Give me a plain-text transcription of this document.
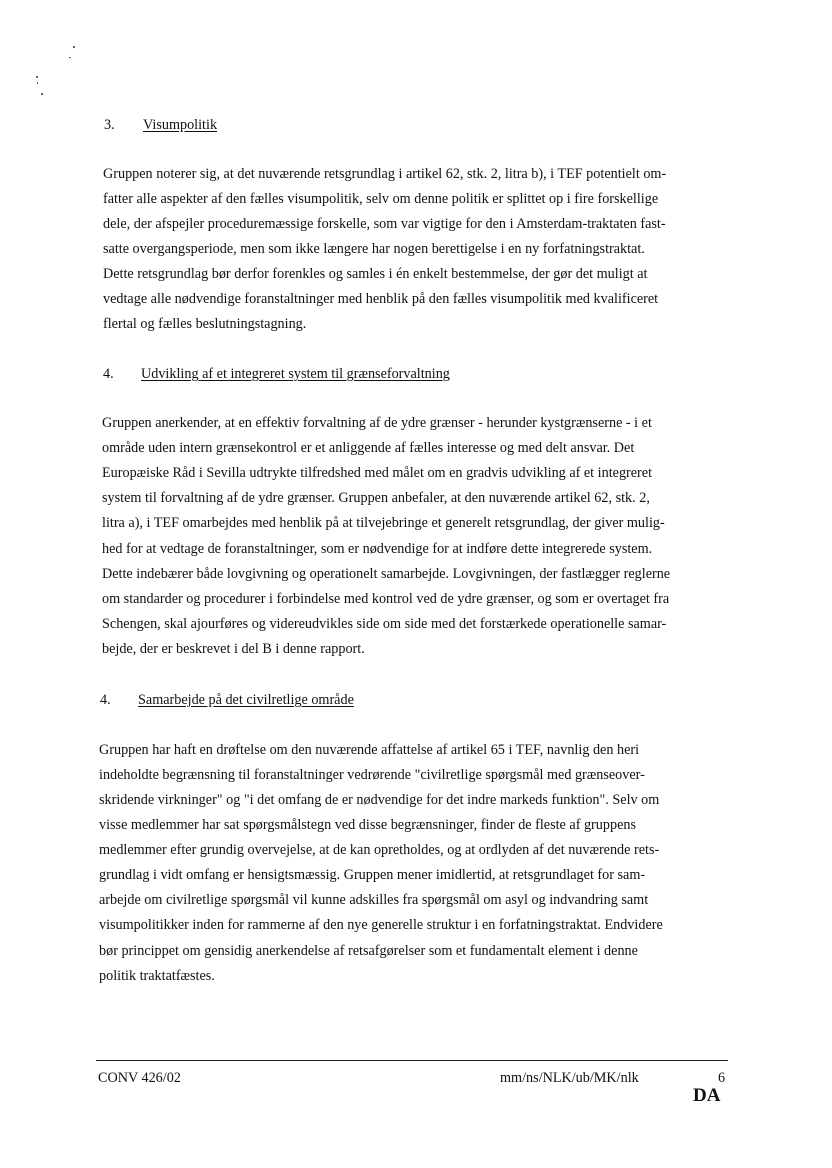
3. Visumpolitik
Gruppen noterer sig, at det nuværende retsgrundlag i artikel 62, stk. 2, litra b), i TEF potentielt om-
fatter alle aspekter af den fælles visumpolitik, selv om denne politik er splittet op i fire forskellige
dele, der afspejler proceduremæssige forskelle, som var vigtige for den i Amsterdam-traktaten fast-
satte overgangsperiode, men som ikke længere har nogen berettigelse i en ny forfatningstraktat.
Dette retsgrundlag bør derfor forenkles og samles i én enkelt bestemmelse, der gør det muligt at
vedtage alle nødvendige foranstaltninger med henblik på den fælles visumpolitik med kvalificeret
flertal og fælles beslutningstagning.
4. Udvikling af et integreret system til grænseforvaltning
Gruppen anerkender, at en effektiv forvaltning af de ydre grænser - herunder kystgrænserne - i et
område uden intern grænsekontrol er et anliggende af fælles interesse og med delt ansvar. Det
Europæiske Råd i Sevilla udtrykte tilfredshed med målet om en gradvis udvikling af et integreret
system til forvaltning af de ydre grænser. Gruppen anbefaler, at den nuværende artikel 62, stk. 2,
litra a), i TEF omarbejdes med henblik på at tilvejebringe et generelt retsgrundlag, der giver mulig-
hed for at vedtage de foranstaltninger, som er nødvendige for at indføre dette integrerede system.
Dette indebærer både lovgivning og operationelt samarbejde. Lovgivningen, der fastlægger reglerne
om standarder og procedurer i forbindelse med kontrol ved de ydre grænser, og som er overtaget fra
Schengen, skal ajourføres og videreudvikles side om side med det forstærkede operationelle samar-
bejde, der er beskrevet i del B i denne rapport.
4. Samarbejde på det civilretlige område
Gruppen har haft en drøftelse om den nuværende affattelse af artikel 65 i TEF, navnlig den heri
indeholdte begrænsning til foranstaltninger vedrørende "civilretlige spørgsmål med grænseover-
skridende virkninger" og "i det omfang de er nødvendige for det indre markeds funktion". Selv om
visse medlemmer har sat spørgsmålstegn ved disse begrænsninger, finder de fleste af gruppens
medlemmer efter grundig overvejelse, at de kan opretholdes, og at ordlyden af det nuværende rets-
grundlag i vidt omfang er hensigtsmæssig. Gruppen mener imidlertid, at retsgrundlaget for sam-
arbejde om civilretlige spørgsmål vil kunne adskilles fra spørgsmål om asyl og indvandring samt
visumpolitikker inden for rammerne af den nye generelle struktur i en forfatningstraktat. Endvidere
bør princippet om gensidig anerkendelse af retsafgørelser som et fundamentalt element i denne
politik traktatfæstes.
CONV 426/02	mm/ns/NLK/ub/MK/nlk	6
DA
